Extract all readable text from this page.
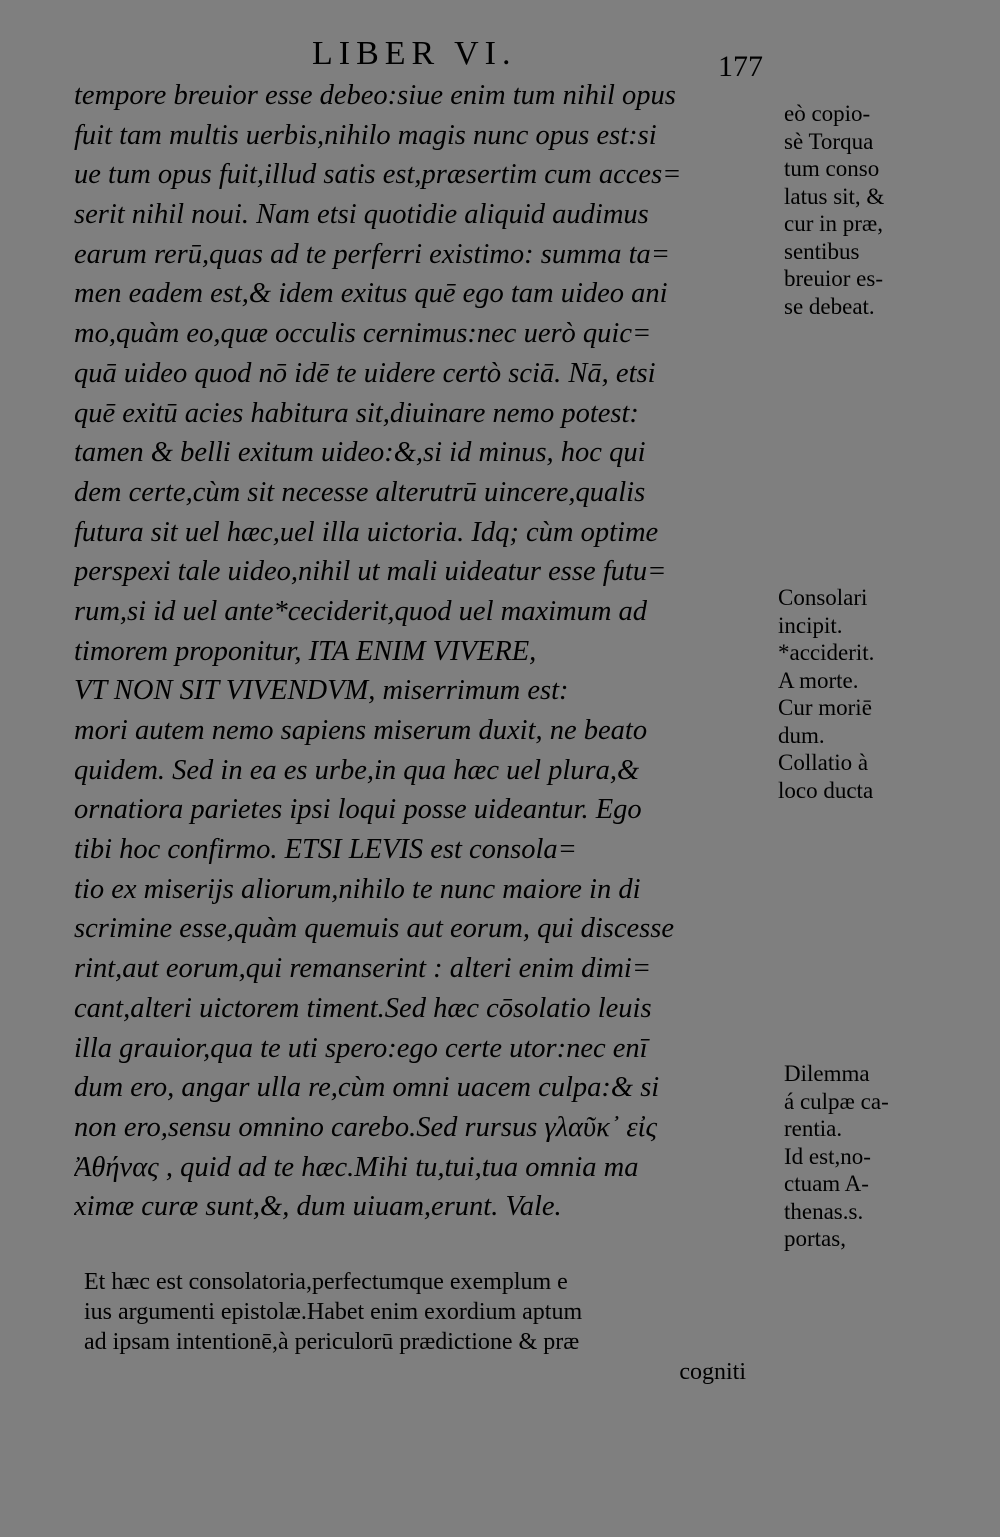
LIBER VI.	177
tempore breuior esse debeo:siue enim tum nihil opus
fuit tam multis uerbis,nihilo magis nunc opus est:si
ue tum opus fuit,illud satis est,præsertim cum acces=
serit nihil noui. Nam etsi quotidie aliquid audimus
earum rerū,quas ad te perferri existimo: summa ta=
men eadem est,& idem exitus quē ego tam uideo ani
mo,quàm eo,quæ occulis cernimus:nec uerò quic=
quā uideo quod nō idē te uidere certò sciā. Nā, etsi
quē exitū acies habitura sit,diuinare nemo potest:
tamen & belli exitum uideo:&,si id minus, hoc qui
dem certe,cùm sit necesse alterutrū uincere,qualis
futura sit uel hæc,uel illa uictoria. Idq; cùm optime
perspexi tale uideo,nihil ut mali uideatur esse futu=
rum,si id uel ante*ceciderit,quod uel maximum ad
timorem proponitur, ITA ENIM VIVERE,
VT NON SIT VIVENDVM, miserrimum est:
mori autem nemo sapiens miserum duxit, ne beato
quidem. Sed in ea es urbe,in qua hæc uel plura,&
ornatiora parietes ipsi loqui posse uideantur. Ego
tibi hoc confirmo. ETSI LEVIS est consola=
tio ex miserijs aliorum,nihilo te nunc maiore in di
scrimine esse,quàm quemuis aut eorum, qui discesse
rint,aut eorum,qui remanserint : alteri enim dimi=
cant,alteri uictorem timent.Sed hæc cōsolatio leuis
illa grauior,qua te uti spero:ego certe utor:nec enī
dum ero, angar ulla re,cùm omni uacem culpa:& si
non ero,sensu omnino carebo.Sed rursus γλαῦκ᾽ εἰς
Ἀθήνας , quid ad te hæc.Mihi tu,tui,tua omnia ma
ximæ curæ sunt,&, dum uiuam,erunt. Vale.
Et hæc est consolatoria,perfectumque exemplum e
ius argumenti epistolæ.Habet enim exordium aptum
ad ipsam intentionē,à periculorū prædictione & præ
cogniti
eò copio-
sè Torqua
tum conso
latus sit, &
cur in præ,
sentibus
breuior es-
se debeat.
Consolari
incipit.
*acciderit.
A morte.
Cur moriē
dum.
Collatio à
loco ducta
Dilemma
á culpæ ca-
rentia.
Id est,no-
ctuam A-
thenas.s.
portas,
